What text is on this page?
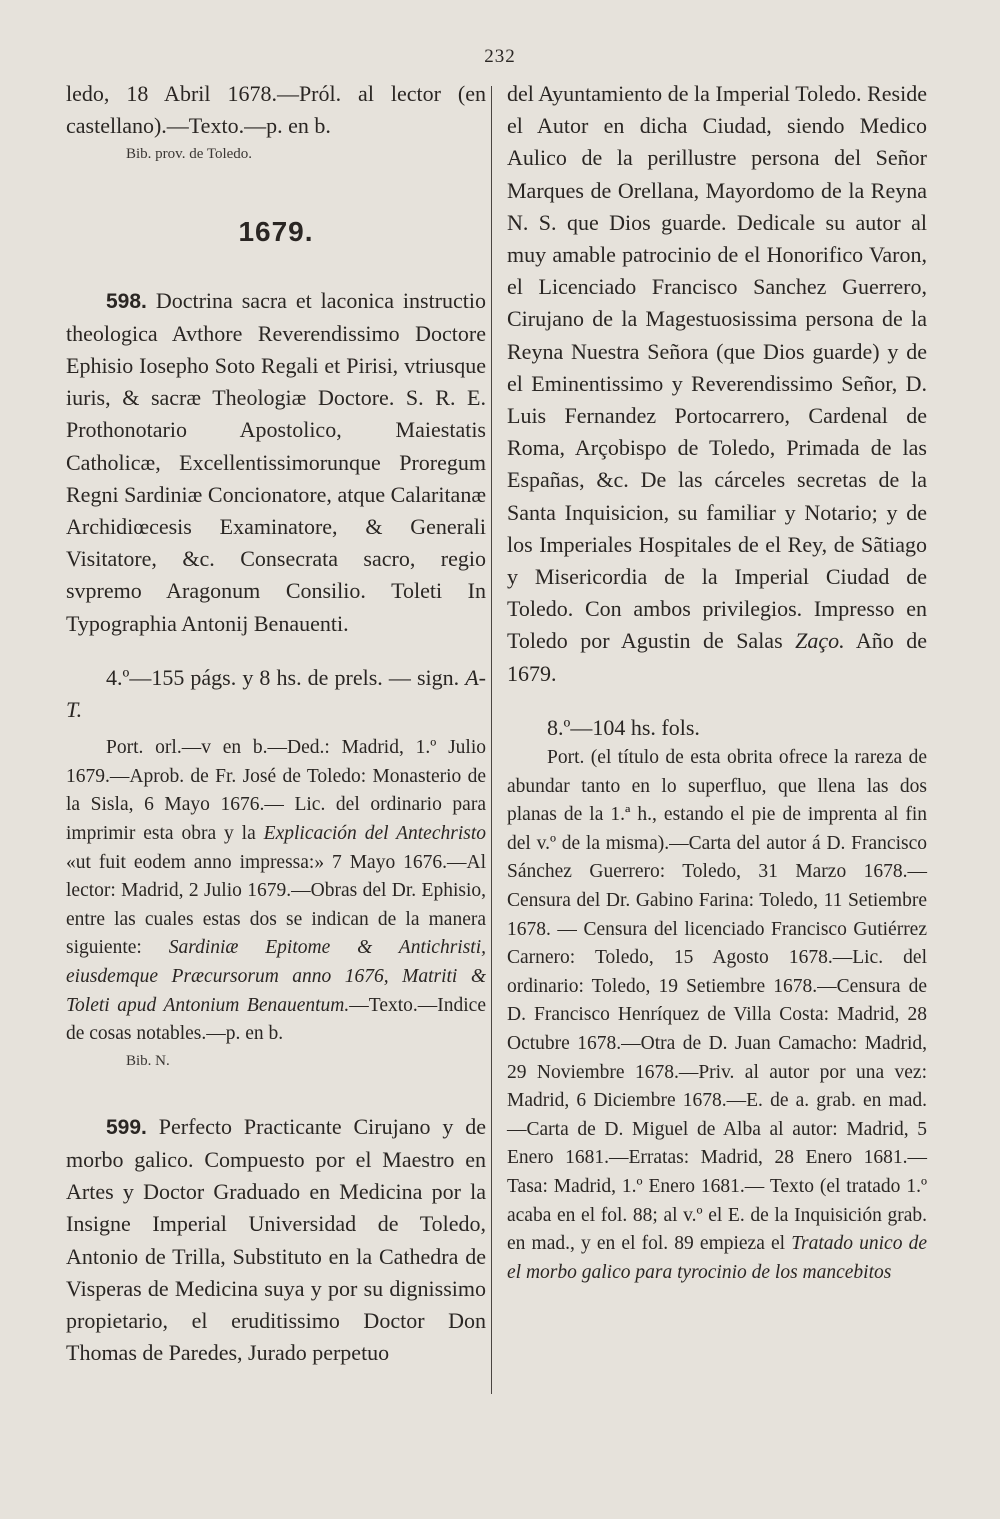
232

ledo, 18 Abril 1678.—Pról. al lector (en castellano).—Texto.—p. en b.

Bib. prov. de Toledo.

1679.

598. Doctrina sacra et laconica instructio theologica Avthore Reverendissimo Doctore Ephisio Iosepho Soto Regali et Pirisi, vtriusque iuris, & sacræ Theologiæ Doctore. S. R. E. Prothonotario Apostolico, Maiestatis Catholicæ, Excellentissimorunque Proregum Regni Sardiniæ Concionatore, atque Calaritanæ Archidiœcesis Examinatore, & Generali Visitatore, &c. Consecrata sacro, regio svpremo Aragonum Consilio. Toleti In Typographia Antonij Benauenti.

4.º—155 págs. y 8 hs. de prels. — sign. A-T.

Port. orl.—v en b.—Ded.: Madrid, 1.º Julio 1679.—Aprob. de Fr. José de Toledo: Monasterio de la Sisla, 6 Mayo 1676.— Lic. del ordinario para imprimir esta obra y la Explicación del Antechristo «ut fuit eodem anno impressa:» 7 Mayo 1676.—Al lector: Madrid, 2 Julio 1679.—Obras del Dr. Ephisio, entre las cuales estas dos se indican de la manera siguiente: Sardiniæ Epitome & Antichristi, eiusdemque Præcursorum anno 1676, Matriti & Toleti apud Antonium Benauentum.—Texto.—Indice de cosas notables.—p. en b.

Bib. N.

599. Perfecto Practicante Cirujano y de morbo galico. Compuesto por el Maestro en Artes y Doctor Graduado en Medicina por la Insigne Imperial Universidad de Toledo, Antonio de Trilla, Substituto en la Cathedra de Visperas de Medicina suya y por su dignissimo propietario, el eruditissimo Doctor Don Thomas de Paredes, Jurado perpetuo

del Ayuntamiento de la Imperial Toledo. Reside el Autor en dicha Ciudad, siendo Medico Aulico de la perillustre persona del Señor Marques de Orellana, Mayordomo de la Reyna N. S. que Dios guarde. Dedicale su autor al muy amable patrocinio de el Honorifico Varon, el Licenciado Francisco Sanchez Guerrero, Cirujano de la Magestuosissima persona de la Reyna Nuestra Señora (que Dios guarde) y de el Eminentissimo y Reverendissimo Señor, D. Luis Fernandez Portocarrero, Cardenal de Roma, Arçobispo de Toledo, Primada de las Españas, &c. De las cárceles secretas de la Santa Inquisicion, su familiar y Notario; y de los Imperiales Hospitales de el Rey, de Sãtiago y Misericordia de la Imperial Ciudad de Toledo. Con ambos privilegios. Impresso en Toledo por Agustin de Salas Zaço. Año de 1679.

8.º—104 hs. fols.

Port. (el título de esta obrita ofrece la rareza de abundar tanto en lo superfluo, que llena las dos planas de la 1.ª h., estando el pie de imprenta al fin del v.º de la misma).—Carta del autor á D. Francisco Sánchez Guerrero: Toledo, 31 Marzo 1678.— Censura del Dr. Gabino Farina: Toledo, 11 Setiembre 1678. — Censura del licenciado Francisco Gutiérrez Carnero: Toledo, 15 Agosto 1678.—Lic. del ordinario: Toledo, 19 Setiembre 1678.—Censura de D. Francisco Henríquez de Villa Costa: Madrid, 28 Octubre 1678.—Otra de D. Juan Camacho: Madrid, 29 Noviembre 1678.—Priv. al autor por una vez: Madrid, 6 Diciembre 1678.—E. de a. grab. en mad.—Carta de D. Miguel de Alba al autor: Madrid, 5 Enero 1681.—Erratas: Madrid, 28 Enero 1681.—Tasa: Madrid, 1.º Enero 1681.— Texto (el tratado 1.º acaba en el fol. 88; al v.º el E. de la Inquisición grab. en mad., y en el fol. 89 empieza el Tratado unico de el morbo galico para tyrocinio de los mancebitos
